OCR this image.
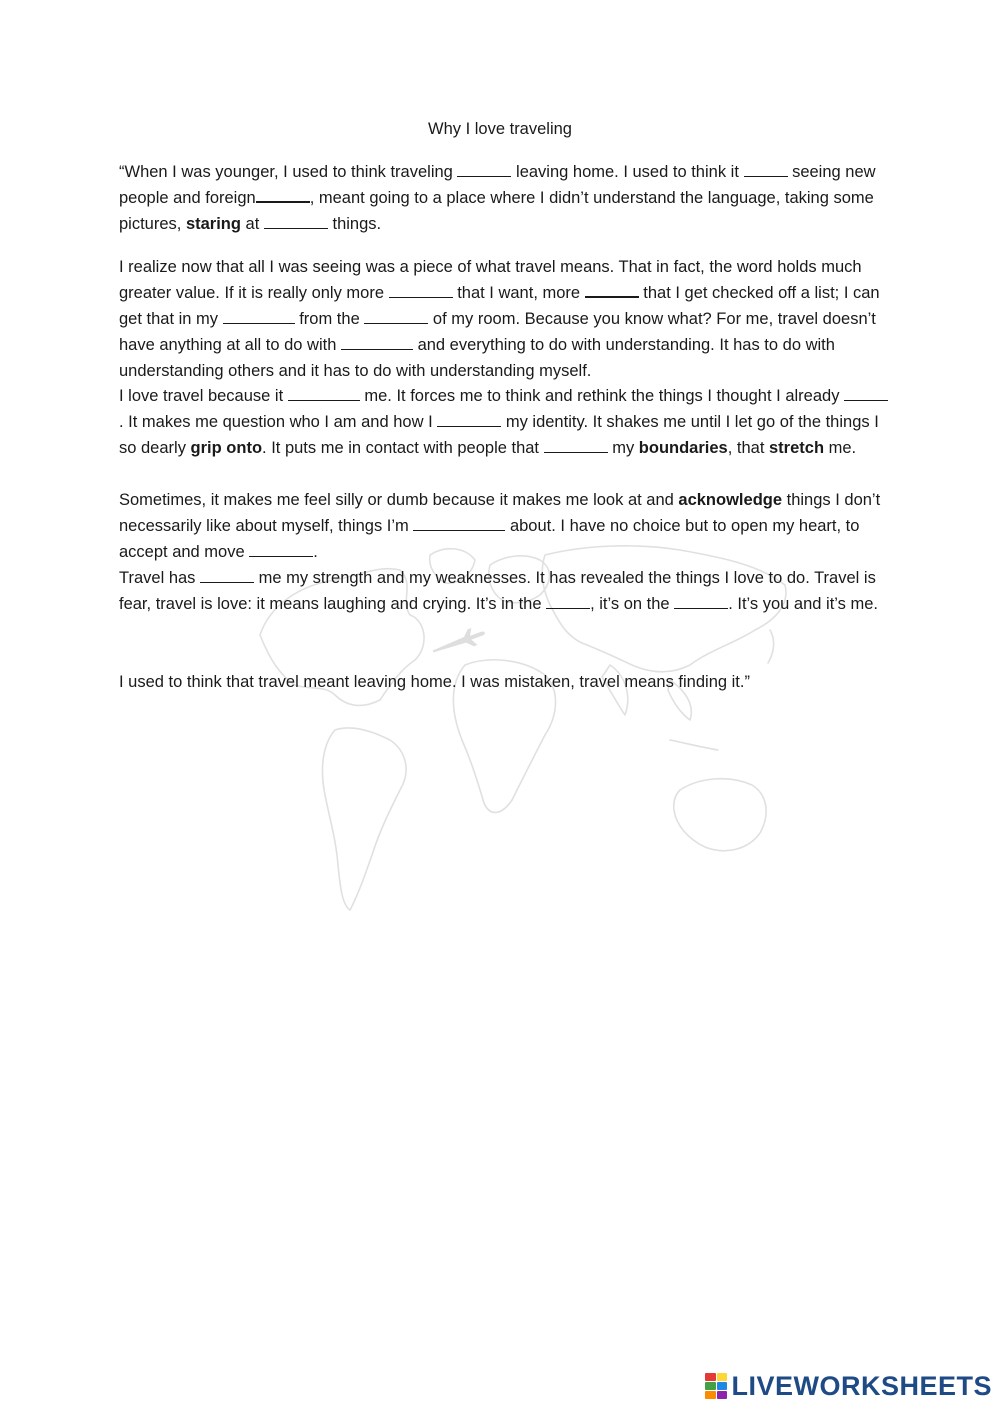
Why I love traveling

“When I was younger, I used to think traveling	leaving home. I used to think it	seeing new people and foreign	, meant going to a place where I didn’t understand the language, taking some pictures, staring at	things.

I realize now that all I was seeing was a piece of what travel means. That in fact, the word holds much greater value. If it is really only more	that I want, more	that I get checked off a list; I can get that in my	from the	of my room. Because you know what? For me, travel doesn’t have anything at all to do with	and everything to do with understanding. It has to do with understanding others and it has to do with understanding myself.

I love travel because it	me. It forces me to think and rethink the things I thought I already . It makes me question who I am and how I	my identity. It shakes me until I let go of the things I so dearly grip onto. It puts me in contact with people that	my boundaries, that stretch me.

Sometimes, it makes me feel silly or dumb because it makes me look at and acknowledge things I don’t necessarily like about myself, things I’m	about. I have no choice but to open my heart, to accept and move	.

Travel has	me my strength and my weaknesses. It has revealed the things I love to do. Travel is fear, travel is love: it means laughing and crying. It’s in the	, it’s on the	. It’s you and it’s me.

I used to think that travel meant leaving home. I was mistaken, travel means finding it.”

LIVEWORKSHEETS
